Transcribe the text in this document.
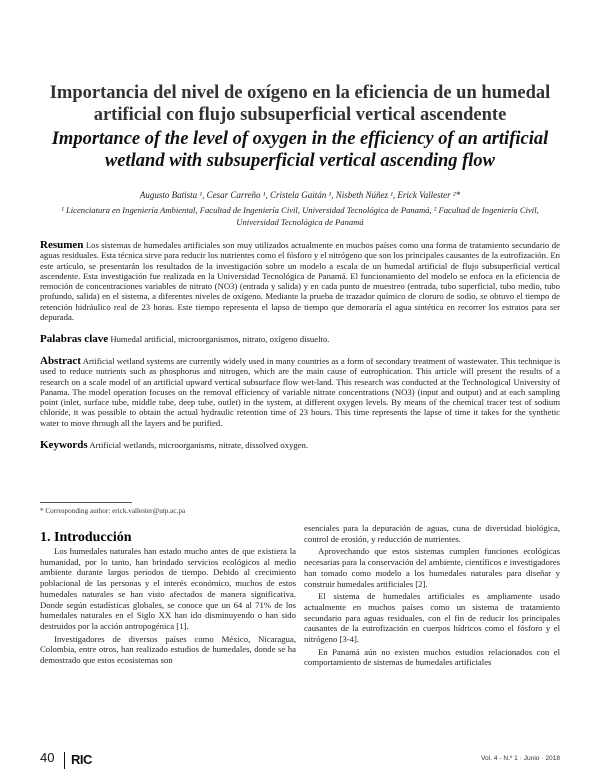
Importancia del nivel de oxígeno en la eficiencia de un humedal artificial con flujo subsuperficial vertical ascendente
Importance of the level of oxygen in the efficiency of an artificial wetland with subsuperficial vertical ascending flow
Augusto Batista ¹, Cesar Carreño ¹, Cristela Gaitán ¹, Nisbeth Núñez ¹, Erick Vallester ²*
¹ Licenciatura en Ingeniería Ambiental, Facultad de Ingeniería Civil, Universidad Tecnológica de Panamá, ² Facultad de Ingeniería Civil, Universidad Tecnológica de Panamá
Resumen Los sistemas de humedales artificiales son muy utilizados actualmente en muchos países como una forma de tratamiento secundario de aguas residuales. Esta técnica sirve para reducir los nutrientes como el fósforo y el nitrógeno que son los principales causantes de la eutrofización. En este artículo, se presentarán los resultados de la investigación sobre un modelo a escala de un humedal artificial de flujo subsuperficial vertical ascendente. Esta investigación fue realizada en la Universidad Tecnológica de Panamá. El funcionamiento del modelo se enfoca en la eficiencia de remoción de concentraciones variables de nitrato (NO3) (entrada y salida) y en cada punto de muestreo (entrada, tubo superficial, tubo medio, tubo profundo, salida) en el sistema, a diferentes niveles de oxígeno. Mediante la prueba de trazador químico de cloruro de sodio, se obtuvo el tiempo de retención hidráulico real de 23 horas. Este tiempo representa el lapso de tiempo que demoraría el agua sintética en recorrer los estratos para ser depurada.
Palabras clave Humedal artificial, microorganismos, nitrato, oxígeno disuelto.
Abstract Artificial wetland systems are currently widely used in many countries as a form of secondary treatment of wastewater. This technique is used to reduce nutrients such as phosphorus and nitrogen, which are the main cause of eutrophication. This article will present the results of a research on a scale model of an artificial upward vertical subsurface flow wet-land. This research was conducted at the Technological University of Panama. The model operation focuses on the removal efficiency of variable nitrate concentrations (NO3) (input and output) and at each sampling point (inlet, surface tube, middle tube, deep tube, outlet) in the system, at different oxygen levels. By means of the chemical tracer test of sodium chloride, it was possible to obtain the actual hydraulic retention time of 23 hours. This time represents the lapse of time it takes for the synthetic water to move through all the layers and be purified.
Keywords Artificial wetlands, microorganisms, nitrate, dissolved oxygen.
* Corresponding author: erick.vallester@utp.ac.pa
1. Introducción

Los humedales naturales han estado mucho antes de que existiera la humanidad, por lo tanto, han brindado servicios ecológicos al medio ambiente durante largos periodos de tiempo. Debido al crecimiento poblacional de las personas y el interés económico, muchos de estos humedales naturales se han visto afectados de manera significativa. Donde según estadísticas globales, se conoce que un 64 al 71% de los humedales naturales en el Siglo XX han ido disminuyendo o han sido destruidos por la acción antropogénica [1].

Investigadores de diversos países como México, Nicaragua, Colombia, entre otros, han realizado estudios de humedales, donde se ha demostrado que estos ecosistemas son

esenciales para la depuración de aguas, cuna de diversidad biológica, control de erosión, y reducción de nutrientes.

Aprovechando que estos sistemas cumplen funciones ecológicas necesarias para la conservación del ambiente, científicos e investigadores han tomado como modelo a los humedales naturales para diseñar y construir humedales artificiales [2].

El sistema de humedales artificiales es ampliamente usado actualmente en muchos países como un sistema de tratamiento secundario para aguas residuales, con el fin de reducir los principales causantes de la eutrofización en cuerpos hídricos como el fósforo y el nitrógeno [3-4].

En Panamá aún no existen muchos estudios relacionados con el comportamiento de sistemas de humedales artificiales

40 RIC	Vol. 4 - N.º 1 · Junio · 2018
